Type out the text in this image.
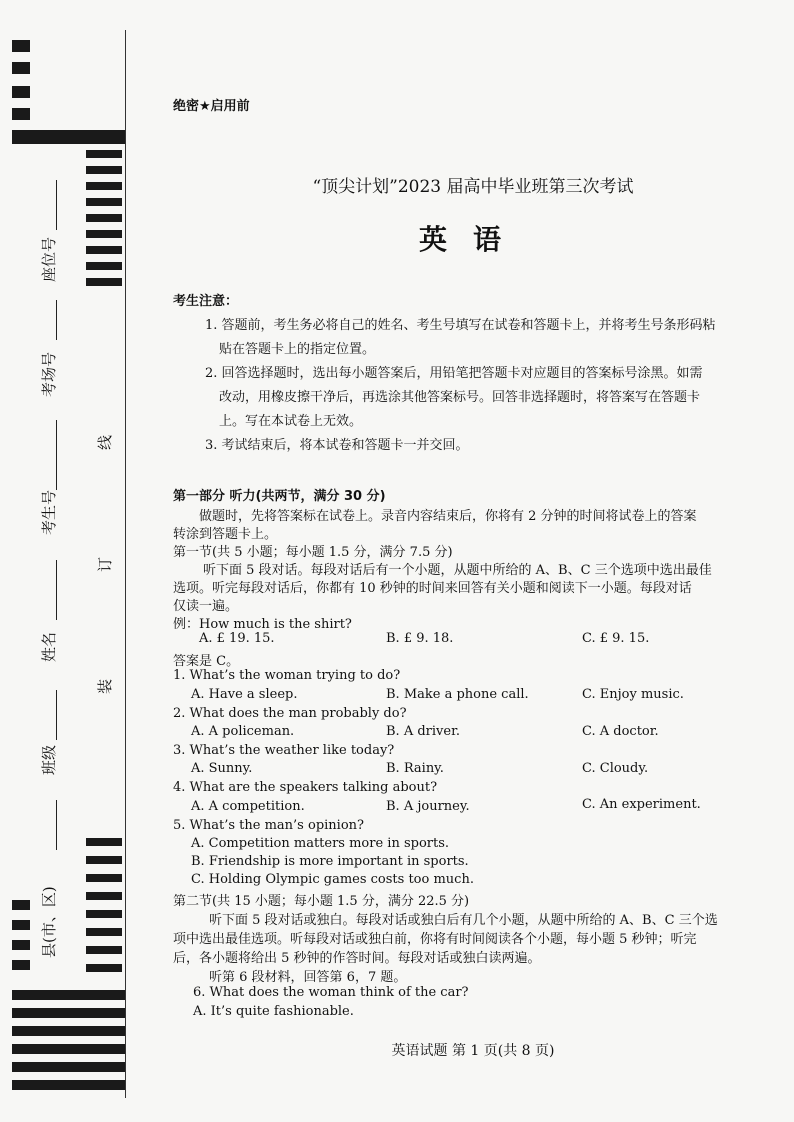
座位号
考场号
考生号
姓名
班级
县(市、区)
线
订
装
绝密★启用前
“顶尖计划”2023 届高中毕业班第三次考试
英语
考生注意：
1. 答题前，考生务必将自己的姓名、考生号填写在试卷和答题卡上，并将考生号条形码粘
贴在答题卡上的指定位置。
2. 回答选择题时，选出每小题答案后，用铅笔把答题卡对应题目的答案标号涂黑。如需
改动，用橡皮擦干净后，再选涂其他答案标号。回答非选择题时，将答案写在答题卡
上。写在本试卷上无效。
3. 考试结束后，将本试卷和答题卡一并交回。
第一部分 听力(共两节，满分 30 分)
做题时，先将答案标在试卷上。录音内容结束后，你将有 2 分钟的时间将试卷上的答案
转涂到答题卡上。
第一节(共 5 小题；每小题 1.5 分，满分 7.5 分)
听下面 5 段对话。每段对话后有一个小题，从题中所给的 A、B、C 三个选项中选出最佳
选项。听完每段对话后，你都有 10 秒钟的时间来回答有关小题和阅读下一小题。每段对话
仅读一遍。
例：How much is the shirt?
A. £ 19. 15.	B. £ 9. 18.	C. £ 9. 15.
答案是 C。
1. What’s the woman trying to do?
A. Have a sleep.	B. Make a phone call.	C. Enjoy music.
2. What does the man probably do?
A. A policeman.	B. A driver.	C. A doctor.
3. What’s the weather like today?
A. Sunny.	B. Rainy.	C. Cloudy.
4. What are the speakers talking about?
A. A competition.	B. A journey.	C. An experiment.
5. What’s the man’s opinion?
A. Competition matters more in sports.
B. Friendship is more important in sports.
C. Holding Olympic games costs too much.
第二节(共 15 小题；每小题 1.5 分，满分 22.5 分)
听下面 5 段对话或独白。每段对话或独白后有几个小题，从题中所给的 A、B、C 三个选
项中选出最佳选项。听每段对话或独白前，你将有时间阅读各个小题，每小题 5 秒钟；听完
后，各小题将给出 5 秒钟的作答时间。每段对话或独白读两遍。
听第 6 段材料，回答第 6，7 题。
6. What does the woman think of the car?
A. It’s quite fashionable.
英语试题 第 1 页(共 8 页)
